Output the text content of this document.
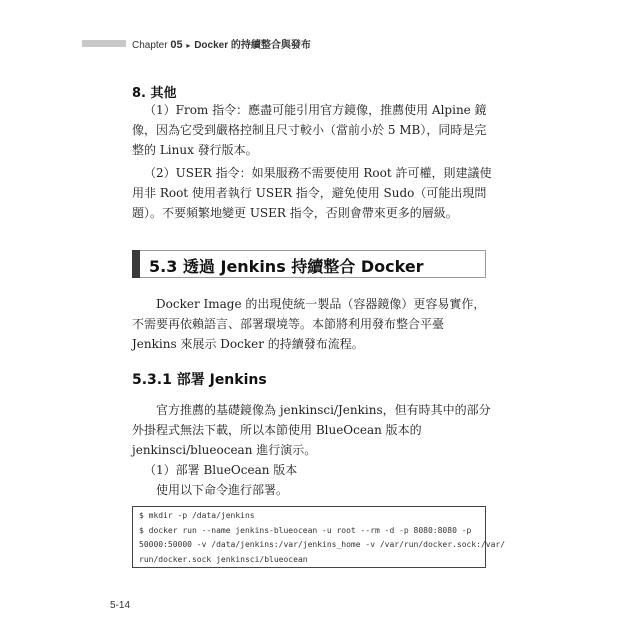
Chapter 05 ▸ Docker 的持續整合與發布
8. 其他

（1）From 指令：應盡可能引用官方鏡像，推薦使用 Alpine 鏡像，因為它受到嚴格控制且尺寸較小（當前小於 5 MB），同時是完整的 Linux 發行版本。

（2）USER 指令：如果服務不需要使用 Root 許可權，則建議使用非 Root 使用者執行 USER 指令，避免使用 Sudo（可能出現問題）。不要頻繁地變更 USER 指令，否則會帶來更多的層級。

5.3 透過 Jenkins 持續整合 Docker

Docker Image 的出現使統一製品（容器鏡像）更容易實作，不需要再依賴語言、部署環境等。本節將利用發布整合平臺 Jenkins 來展示 Docker 的持續發布流程。

5.3.1 部署 Jenkins

官方推薦的基礎鏡像為 jenkinsci/Jenkins，但有時其中的部分外掛程式無法下載，所以本節使用 BlueOcean 版本的 jenkinsci/blueocean 進行演示。

（1）部署 BlueOcean 版本

使用以下命令進行部署。

$ mkdir -p /data/jenkins
$ docker run --name jenkins-blueocean -u root --rm -d -p 8080:8080 -p
50000:50000 -v /data/jenkins:/var/jenkins_home -v /var/run/docker.sock:/var/
run/docker.sock jenkinsci/blueocean
5-14
